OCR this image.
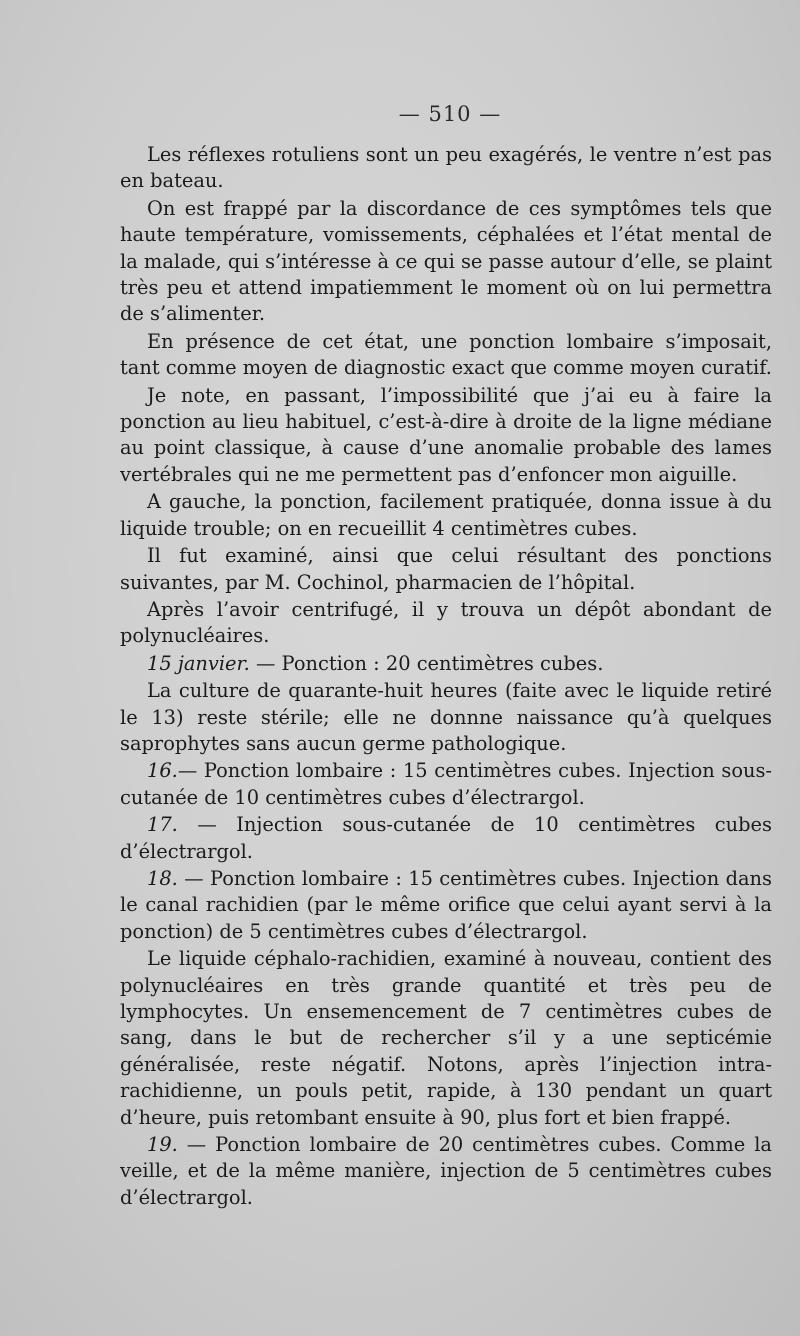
— 510 —

Les réflexes rotuliens sont un peu exagérés, le ventre n’est pas en bateau.

On est frappé par la discordance de ces symptômes tels que haute température, vomissements, céphalées et l’état mental de la malade, qui s’intéresse à ce qui se passe autour d’elle, se plaint très peu et attend impatiemment le moment où on lui permettra de s’alimenter.

En présence de cet état, une ponction lombaire s’imposait, tant comme moyen de diagnostic exact que comme moyen curatif.

Je note, en passant, l’impossibilité que j’ai eu à faire la ponction au lieu habituel, c’est-à-dire à droite de la ligne médiane au point classique, à cause d’une anomalie probable des lames vertébrales qui ne me permettent pas d’enfoncer mon aiguille.

A gauche, la ponction, facilement pratiquée, donna issue à du liquide trouble; on en recueillit 4 centimètres cubes.

Il fut examiné, ainsi que celui résultant des ponctions suivantes, par M. Cochinol, pharmacien de l’hôpital.

Après l’avoir centrifugé, il y trouva un dépôt abondant de polynucléaires.

15 janvier. — Ponction : 20 centimètres cubes.

La culture de quarante-huit heures (faite avec le liquide retiré le 13) reste stérile; elle ne donnne naissance qu’à quelques saprophytes sans aucun germe pathologique.

16.— Ponction lombaire : 15 centimètres cubes. Injection sous-cutanée de 10 centimètres cubes d’électrargol.

17. — Injection sous-cutanée de 10 centimètres cubes d’électrargol.

18. — Ponction lombaire : 15 centimètres cubes. Injection dans le canal rachidien (par le même orifice que celui ayant servi à la ponction) de 5 centimètres cubes d’électrargol.

Le liquide céphalo-rachidien, examiné à nouveau, contient des polynucléaires en très grande quantité et très peu de lymphocytes. Un ensemencement de 7 centimètres cubes de sang, dans le but de rechercher s’il y a une septicémie généralisée, reste négatif. Notons, après l’injection intra-rachidienne, un pouls petit, rapide, à 130 pendant un quart d’heure, puis retombant ensuite à 90, plus fort et bien frappé.

19. — Ponction lombaire de 20 centimètres cubes. Comme la veille, et de la même manière, injection de 5 centimètres cubes d’électrargol.
